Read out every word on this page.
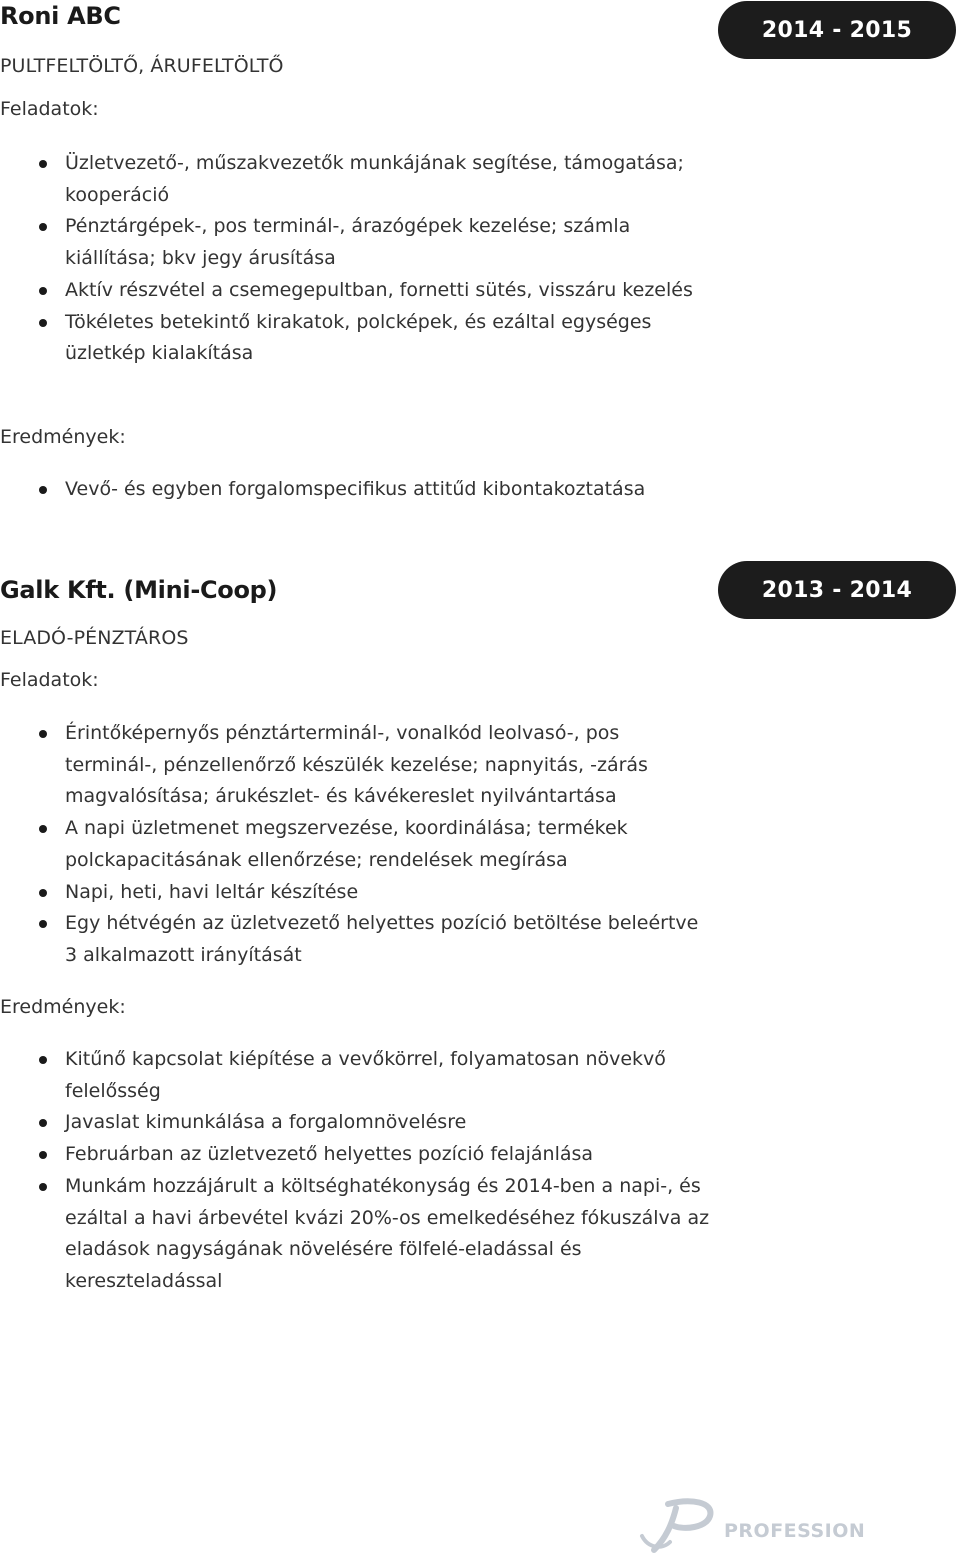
Roni ABC	2014 - 2015
PULTFELTÖLTŐ, ÁRUFELTÖLTŐ
Feladatok:
Üzletvezető-, műszakvezetők munkájának segítése, támogatása; kooperáció
Pénztárgépek-, pos terminál-, árazógépek kezelése; számla kiállítása; bkv jegy árusítása
Aktív részvétel a csemegepultban, fornetti sütés, visszáru kezelés
Tökéletes betekintő kirakatok, polcképek, és ezáltal egységes üzletkép kialakítása
Eredmények:
Vevő- és egyben forgalomspecifikus attitűd kibontakoztatása
Galk Kft. (Mini-Coop)	2013 - 2014
ELADÓ-PÉNZTÁROS
Feladatok:
Érintőképernyős pénztárterminál-, vonalkód leolvasó-, pos terminál-, pénzellenőrző készülék kezelése; napnyitás, -zárás magvalósítása; árukészlet- és kávékereslet nyilvántartása
A napi üzletmenet megszervezése, koordinálása; termékek polckapacitásának ellenőrzése; rendelések megírása
Napi, heti, havi leltár készítése
Egy hétvégén az üzletvezető helyettes pozíció betöltése beleértve 3 alkalmazott irányítását
Eredmények:
Kitűnő kapcsolat kiépítése a vevőkörrel, folyamatosan növekvő felelősség
Javaslat kimunkálása a forgalomnövelésre
Februárban az üzletvezető helyettes pozíció felajánlása
Munkám hozzájárult a költséghatékonyság és 2014-ben a napi-, és ezáltal a havi árbevétel kvázi 20%-os emelkedéséhez fókuszálva az eladások nagyságának növelésére fölfelé-eladással és kereszteladással
PROFESSION
